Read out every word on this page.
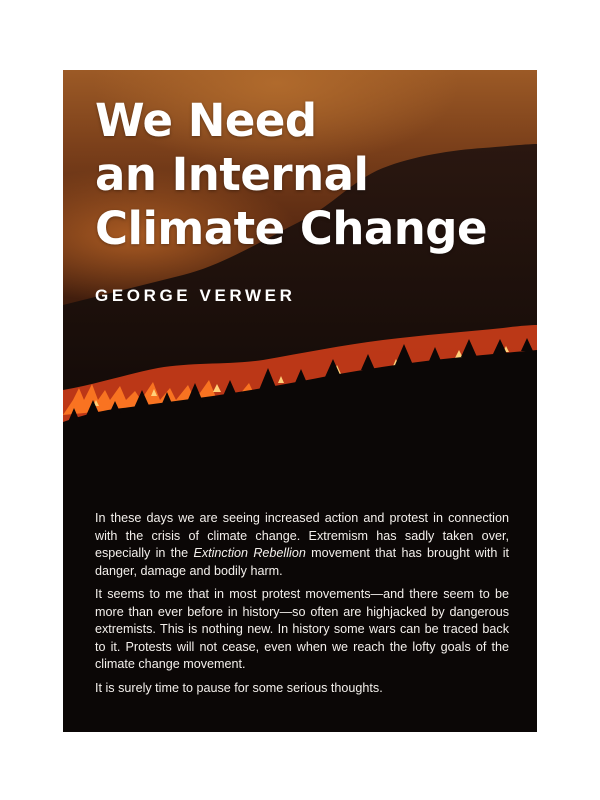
We Need
an Internal
Climate Change
GEORGE VERWER

In these days we are seeing increased action and protest in connection with the crisis of climate change. Extremism has sadly taken over, especially in the Extinction Rebellion movement that has brought with it danger, damage and bodily harm.

It seems to me that in most protest movements—and there seem to be more than ever before in history—so often are highjacked by dangerous extremists. This is nothing new. In history some wars can be traced back to it. Protests will not cease, even when we reach the lofty goals of the climate change movement.

It is surely time to pause for some serious thoughts.
